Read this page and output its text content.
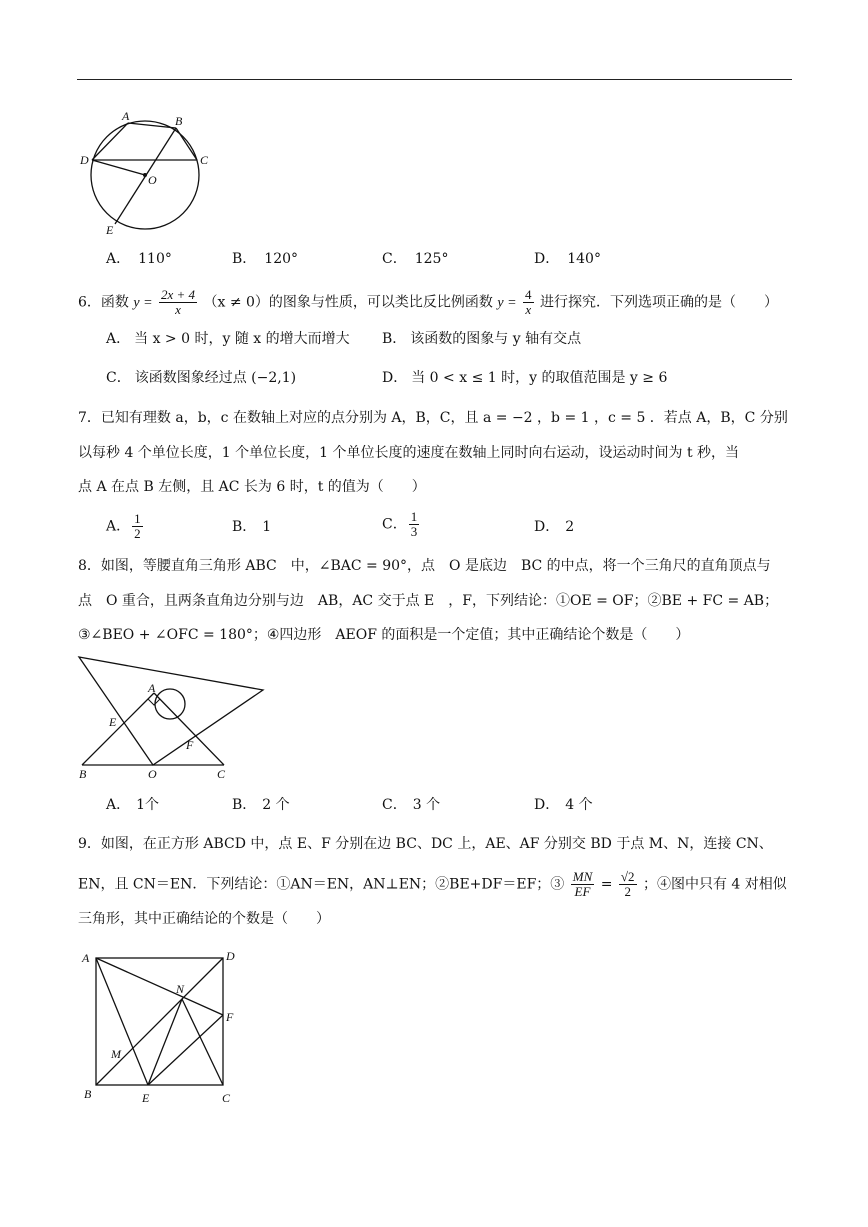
A	B
D	C
O
E
A． 110°	B． 120°	C． 125°	D． 140°
6．函数 $y = \frac{2x + 4}{x} (x \ne 0)$的图象与性质，可以类比反比例函数 $y = \frac{4}{x}$ 进行探究．下列选项正确的是（　　）
A． 当 x > 0 时，y 随 x 的增大而增大 B． 该函数的图象与 y 轴有交点
C． 该函数图象经过点 (−2,1)	D． 当 0 < x ≤ 1 时，y 的取值范围是 y ≥ 6
7．已知有理数 a，b，c 在数轴上对应的点分别为 A，B，C，且 a = −2 ，b = 1 ，c = 5 ．若点 A，B，C 分别
以每秒 4 个单位长度，1 个单位长度，1 个单位长度的速度在数轴上同时向右运动，设运动时间为 t 秒，当
点 A 在点 B 左侧，且 AC 长为 6 时，t 的值为（　　）
A． $\frac{1}{2}$	B． 1	C． $\frac{1}{3}$	D． 2
8．如图，等腰直角三角形 ABC　中，∠BAC = 90°，点　O 是底边　BC 的中点，将一个三角尺的直角顶点与
点　O 重合，且两条直角边分别与边　AB，AC 交于点 E　，F，下列结论：①OE = OF；②BE + FC = AB；
③∠BEO + ∠OFC = 180°；④四边形　AEOF 的面积是一个定值；其中正确结论个数是（　　）
A
E
F
B	O	C
A． 1个	B． 2 个	C． 3 个	D． 4 个
9．如图，在正方形 ABCD 中，点 E、F 分别在边 BC、DC 上，AE、AF 分别交 BD 于点 M、N，连接 CN、
EN，且 CN＝EN．下列结论：①AN＝EN，AN⊥EN；②BE+DF＝EF；③ $\frac{MN}{EF} = \frac{√2}{2}$ ；④图中只有 4 对相似
三角形，其中正确结论的个数是（　　）
A	D
N
F
M
B	E	C
